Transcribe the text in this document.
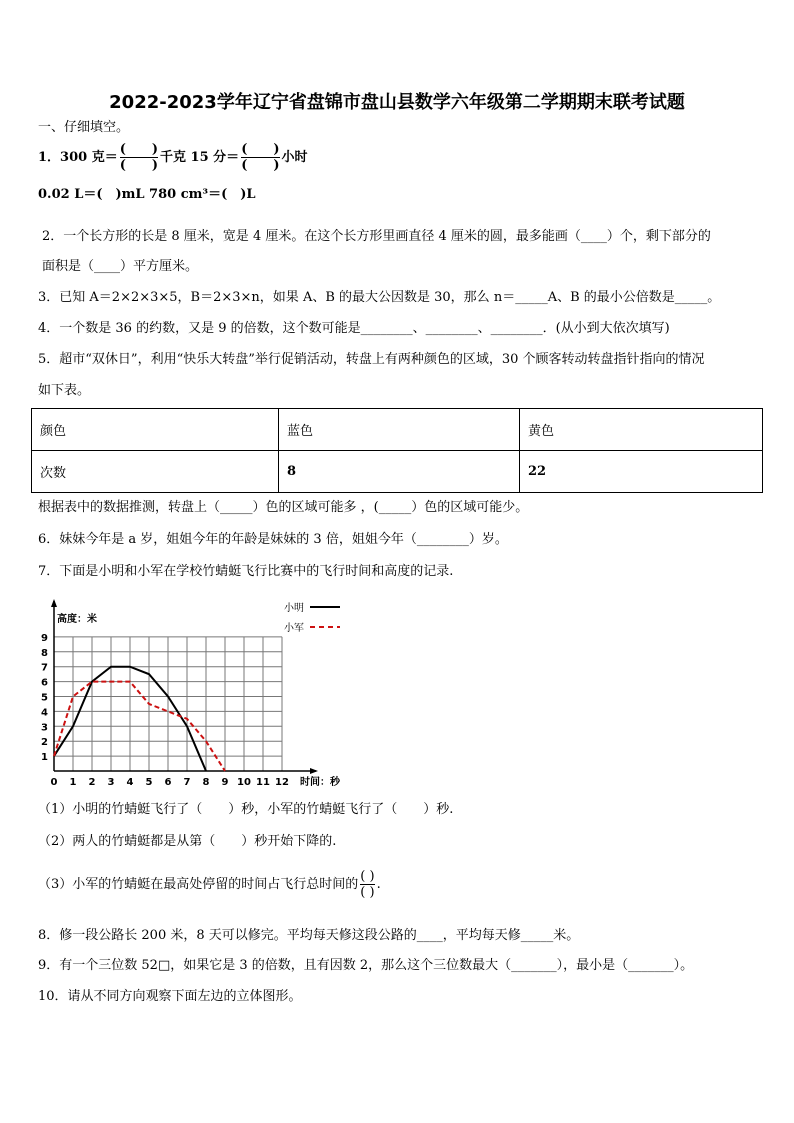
2022-2023学年辽宁省盘锦市盘山县数学六年级第二学期期末联考试题
一、仔细填空。
1．300 克＝ $\frac{( )}{( )}$ 千克 15 分＝ $\frac{( )}{( )}$ 小时
0.02 L＝(　)mL 780 cm³＝(　)L
2．一个长方形的长是 8 厘米，宽是 4 厘米。在这个长方形里画直径 4 厘米的圆，最多能画（____）个，剩下部分的
面积是（____）平方厘米。
3．已知 A＝2×2×3×5，B＝2×3×n，如果 A、B 的最大公因数是 30，那么 n＝_____A、B 的最小公倍数是_____。
4．一个数是 36 的约数，又是 9 的倍数，这个数可能是________、________、________．(从小到大依次填写)
5．超市“双休日”，利用“快乐大转盘”举行促销活动，转盘上有两种颜色的区域，30 个顾客转动转盘指针指向的情况
如下表。
颜色	蓝色	黄色
次数	8	22
根据表中的数据推测，转盘上（_____）色的区域可能多 ，(_____）色的区域可能少。
6．妹妹今年是 a 岁，姐姐今年的年龄是妹妹的 3 倍，姐姐今年（________）岁。
7．下面是小明和小军在学校竹蜻蜓飞行比赛中的飞行时间和高度的记录.
0 1 2 3 4 5 6 7 8 9 10 11 12
1
2
3
4
5
6
7
8
9
高度：米
时间：秒
小明
小军
（1）小明的竹蜻蜓飞行了（　　）秒，小军的竹蜻蜓飞行了（　　）秒.
（2）两人的竹蜻蜓都是从第（　　）秒开始下降的.
（3）小军的竹蜻蜓在最高处停留的时间占飞行总时间的 $\frac{( )}{( )}$ .
8．修一段公路长 200 米，8 天可以修完。平均每天修这段公路的____，平均每天修_____米。
9．有一个三位数 52□，如果它是 3 的倍数，且有因数 2，那么这个三位数最大（_______），最小是（_______）。
10．请从不同方向观察下面左边的立体图形。
